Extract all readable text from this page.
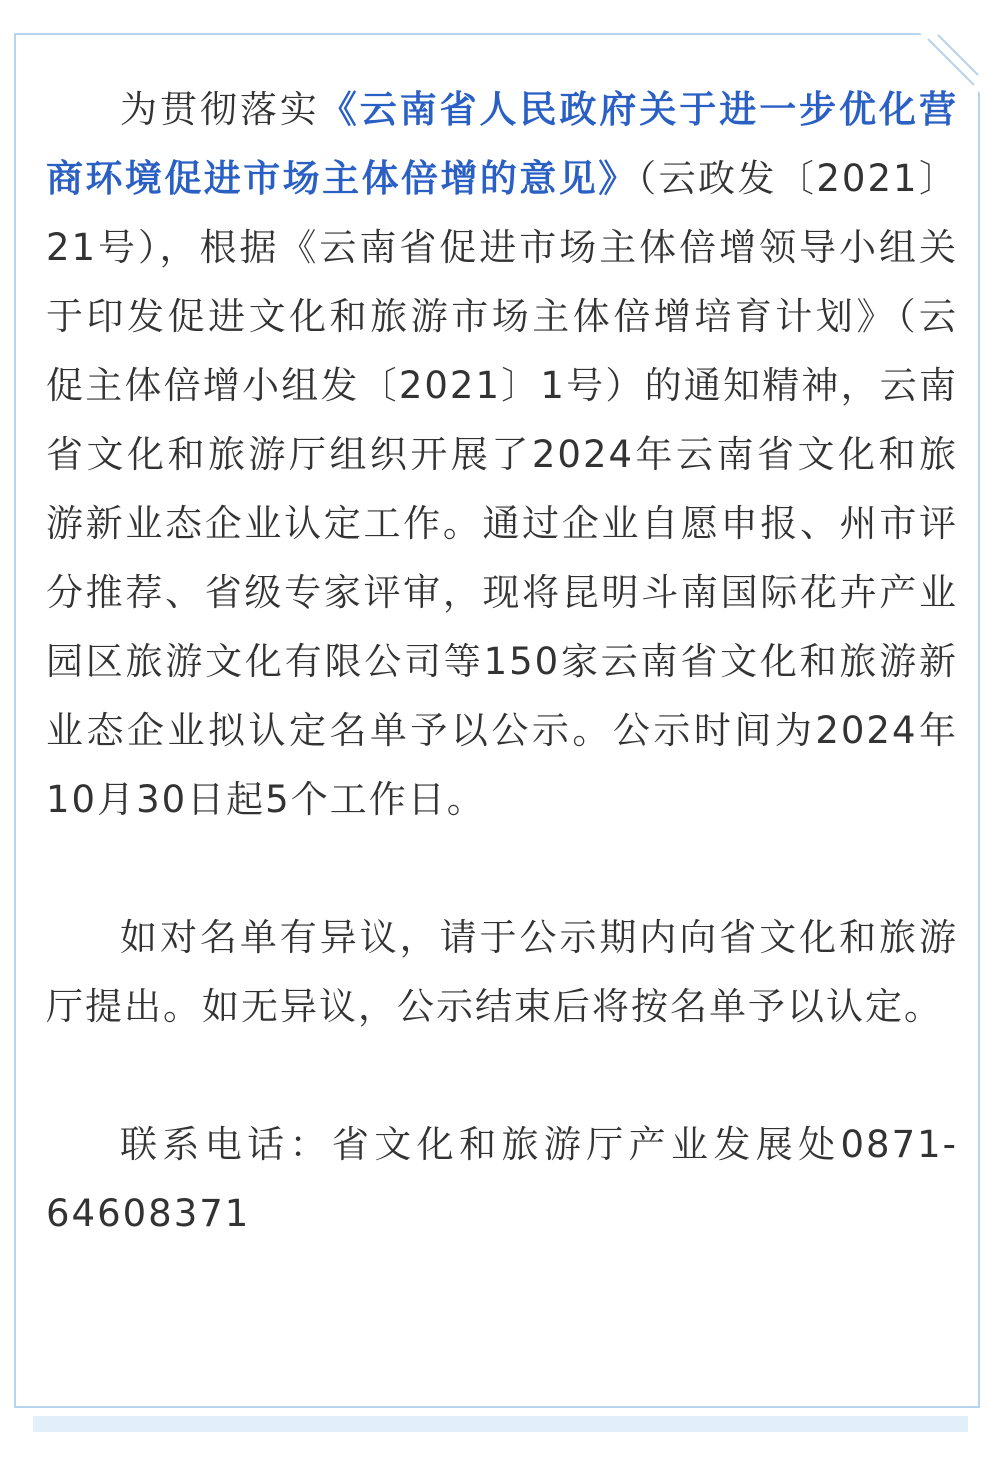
为贯彻落实《云南省人民政府关于进一步优化营商环境促进市场主体倍增的意见》（云政发〔2021〕21号），根据《云南省促进市场主体倍增领导小组关于印发促进文化和旅游市场主体倍增培育计划》（云促主体倍增小组发〔2021〕1号）的通知精神，云南省文化和旅游厅组织开展了2024年云南省文化和旅游新业态企业认定工作。通过企业自愿申报、州市评分推荐、省级专家评审，现将昆明斗南国际花卉产业园区旅游文化有限公司等150家云南省文化和旅游新业态企业拟认定名单予以公示。公示时间为2024年10月30日起5个工作日。

如对名单有异议，请于公示期内向省文化和旅游厅提出。如无异议，公示结束后将按名单予以认定。

联系电话：省文化和旅游厅产业发展处0871-64608371
